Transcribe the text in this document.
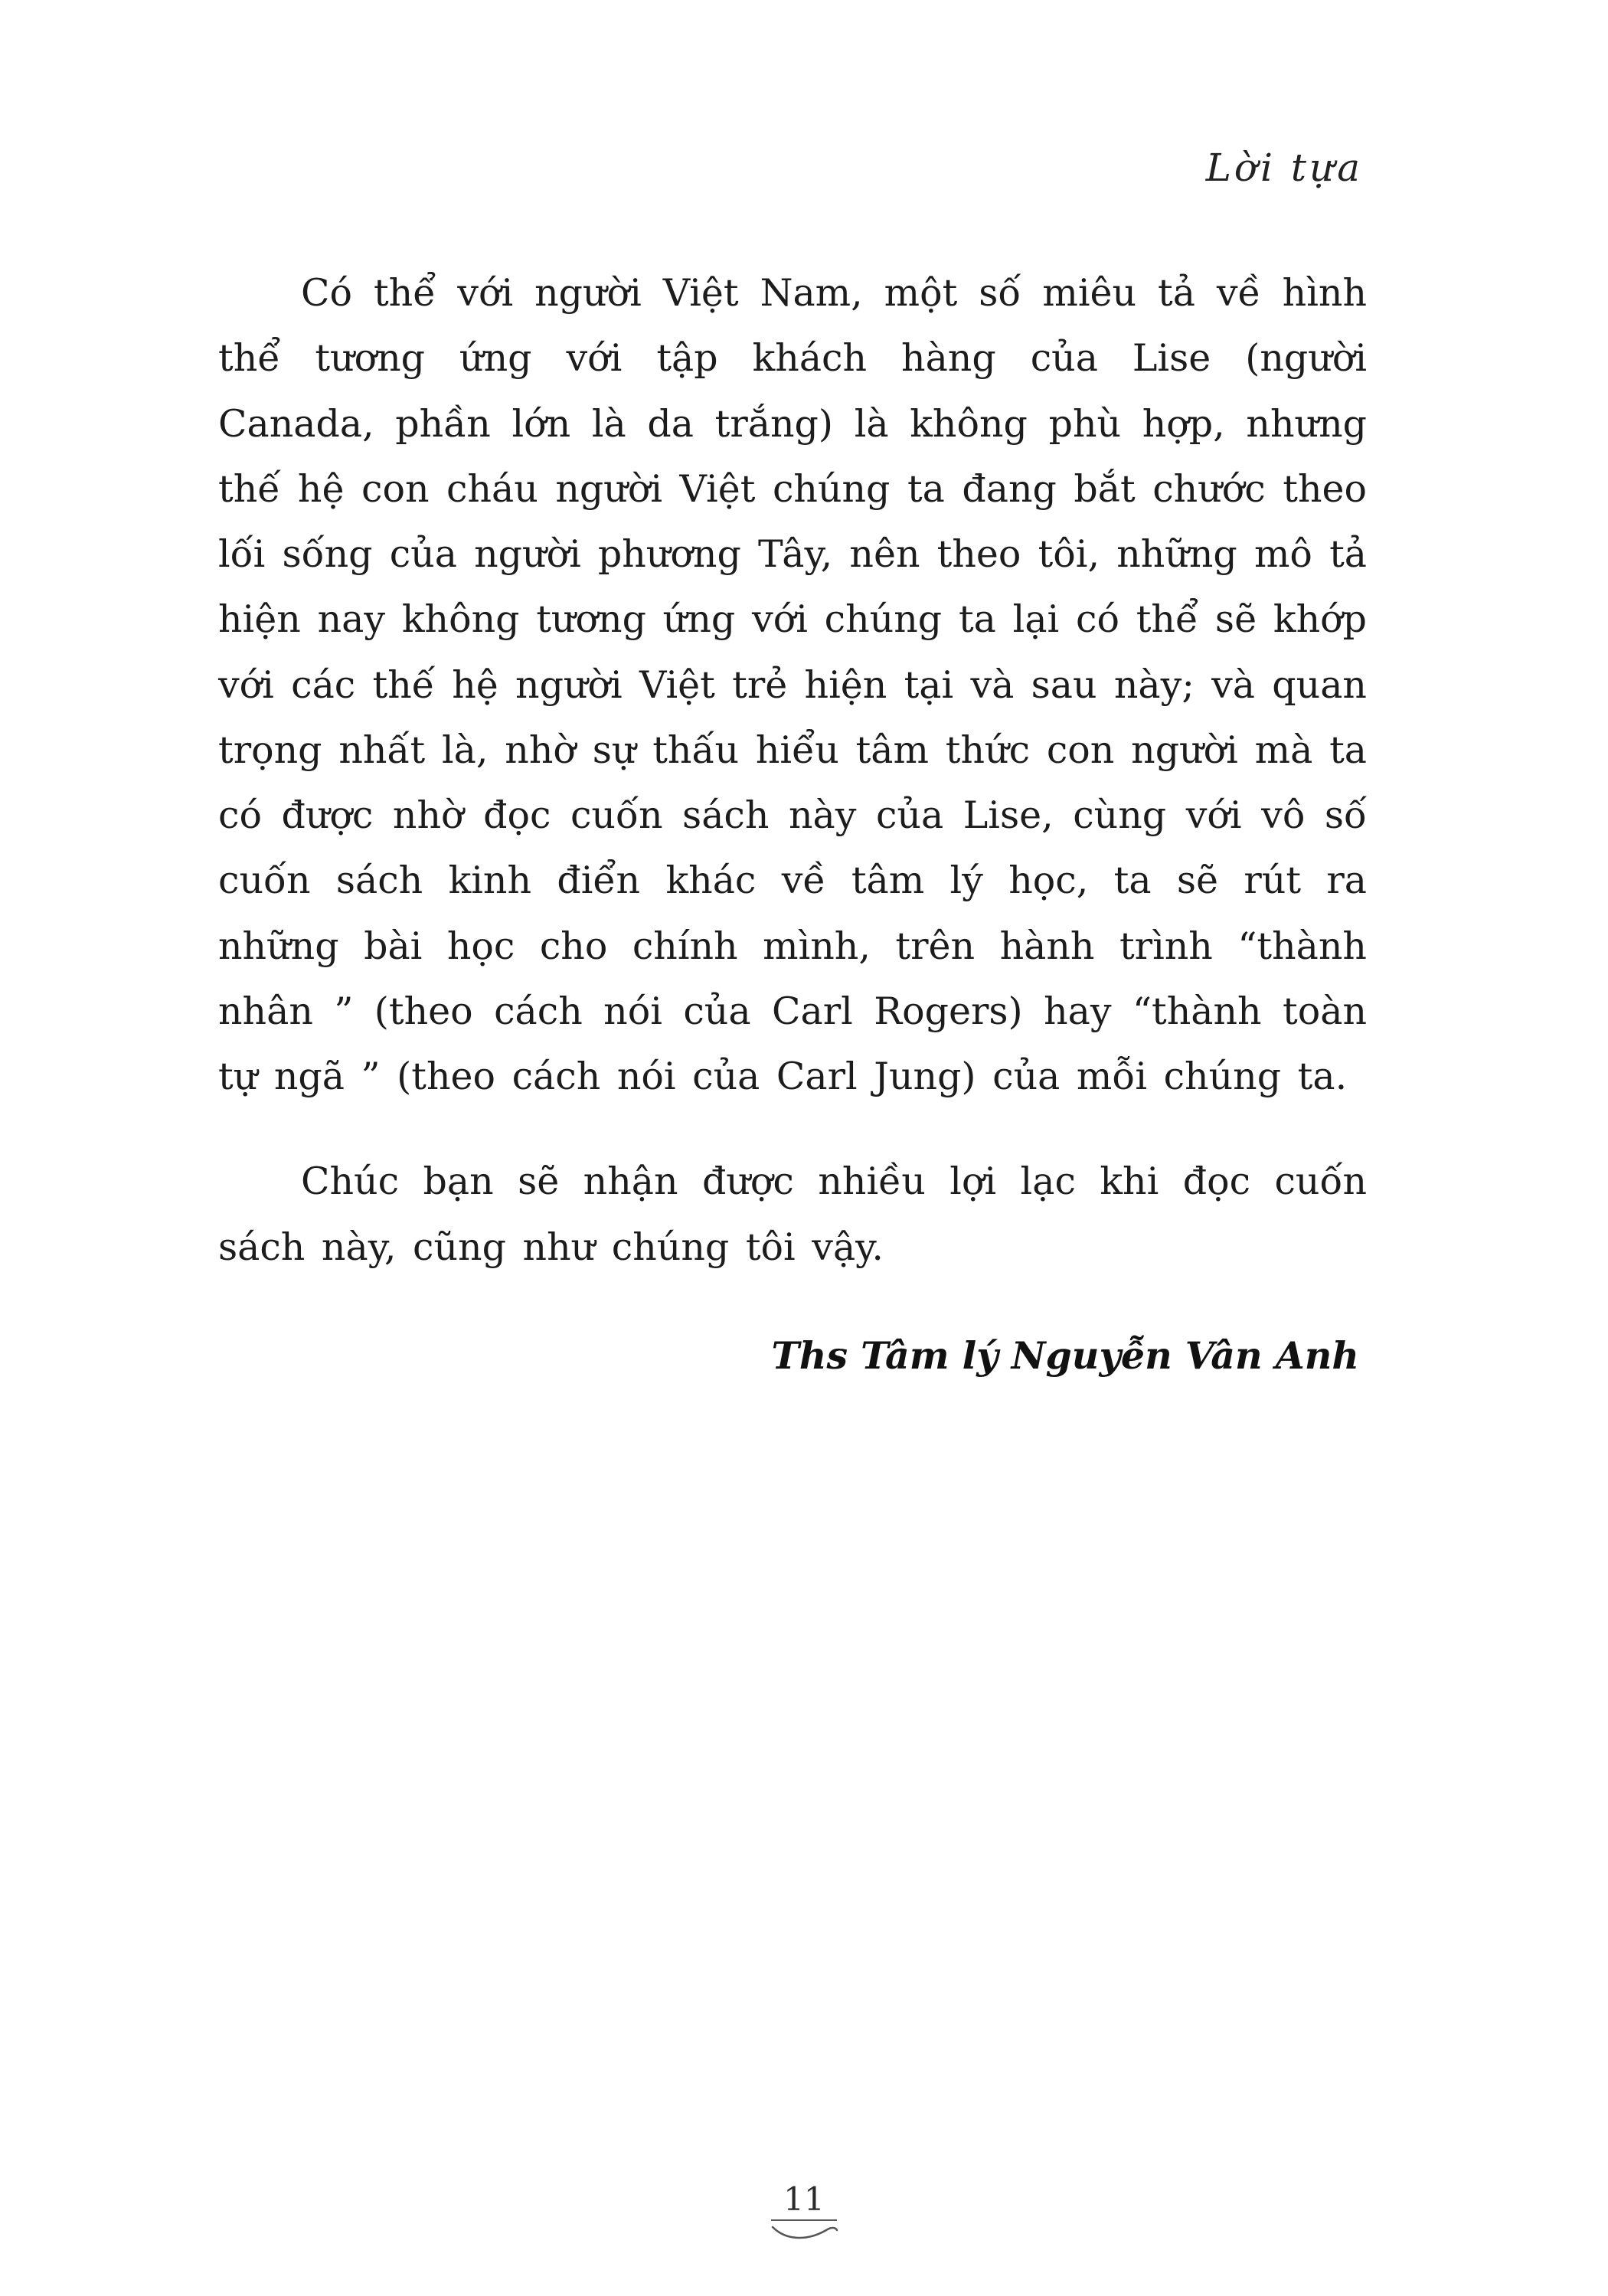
Lời tựa

Có thể với người Việt Nam, một số miêu tả về hình thể tương ứng với tập khách hàng của Lise (người Canada, phần lớn là da trắng) là không phù hợp, nhưng thế hệ con cháu người Việt chúng ta đang bắt chước theo lối sống của người phương Tây, nên theo tôi, những mô tả hiện nay không tương ứng với chúng ta lại có thể sẽ khớp với các thế hệ người Việt trẻ hiện tại và sau này; và quan trọng nhất là, nhờ sự thấu hiểu tâm thức con người mà ta có được nhờ đọc cuốn sách này của Lise, cùng với vô số cuốn sách kinh điển khác về tâm lý học, ta sẽ rút ra những bài học cho chính mình, trên hành trình “thành nhân ” (theo cách nói của Carl Rogers) hay “thành toàn tự ngã ” (theo cách nói của Carl Jung) của mỗi chúng ta.

Chúc bạn sẽ nhận được nhiều lợi lạc khi đọc cuốn sách này, cũng như chúng tôi vậy.

Ths Tâm lý Nguyễn Vân Anh
11
